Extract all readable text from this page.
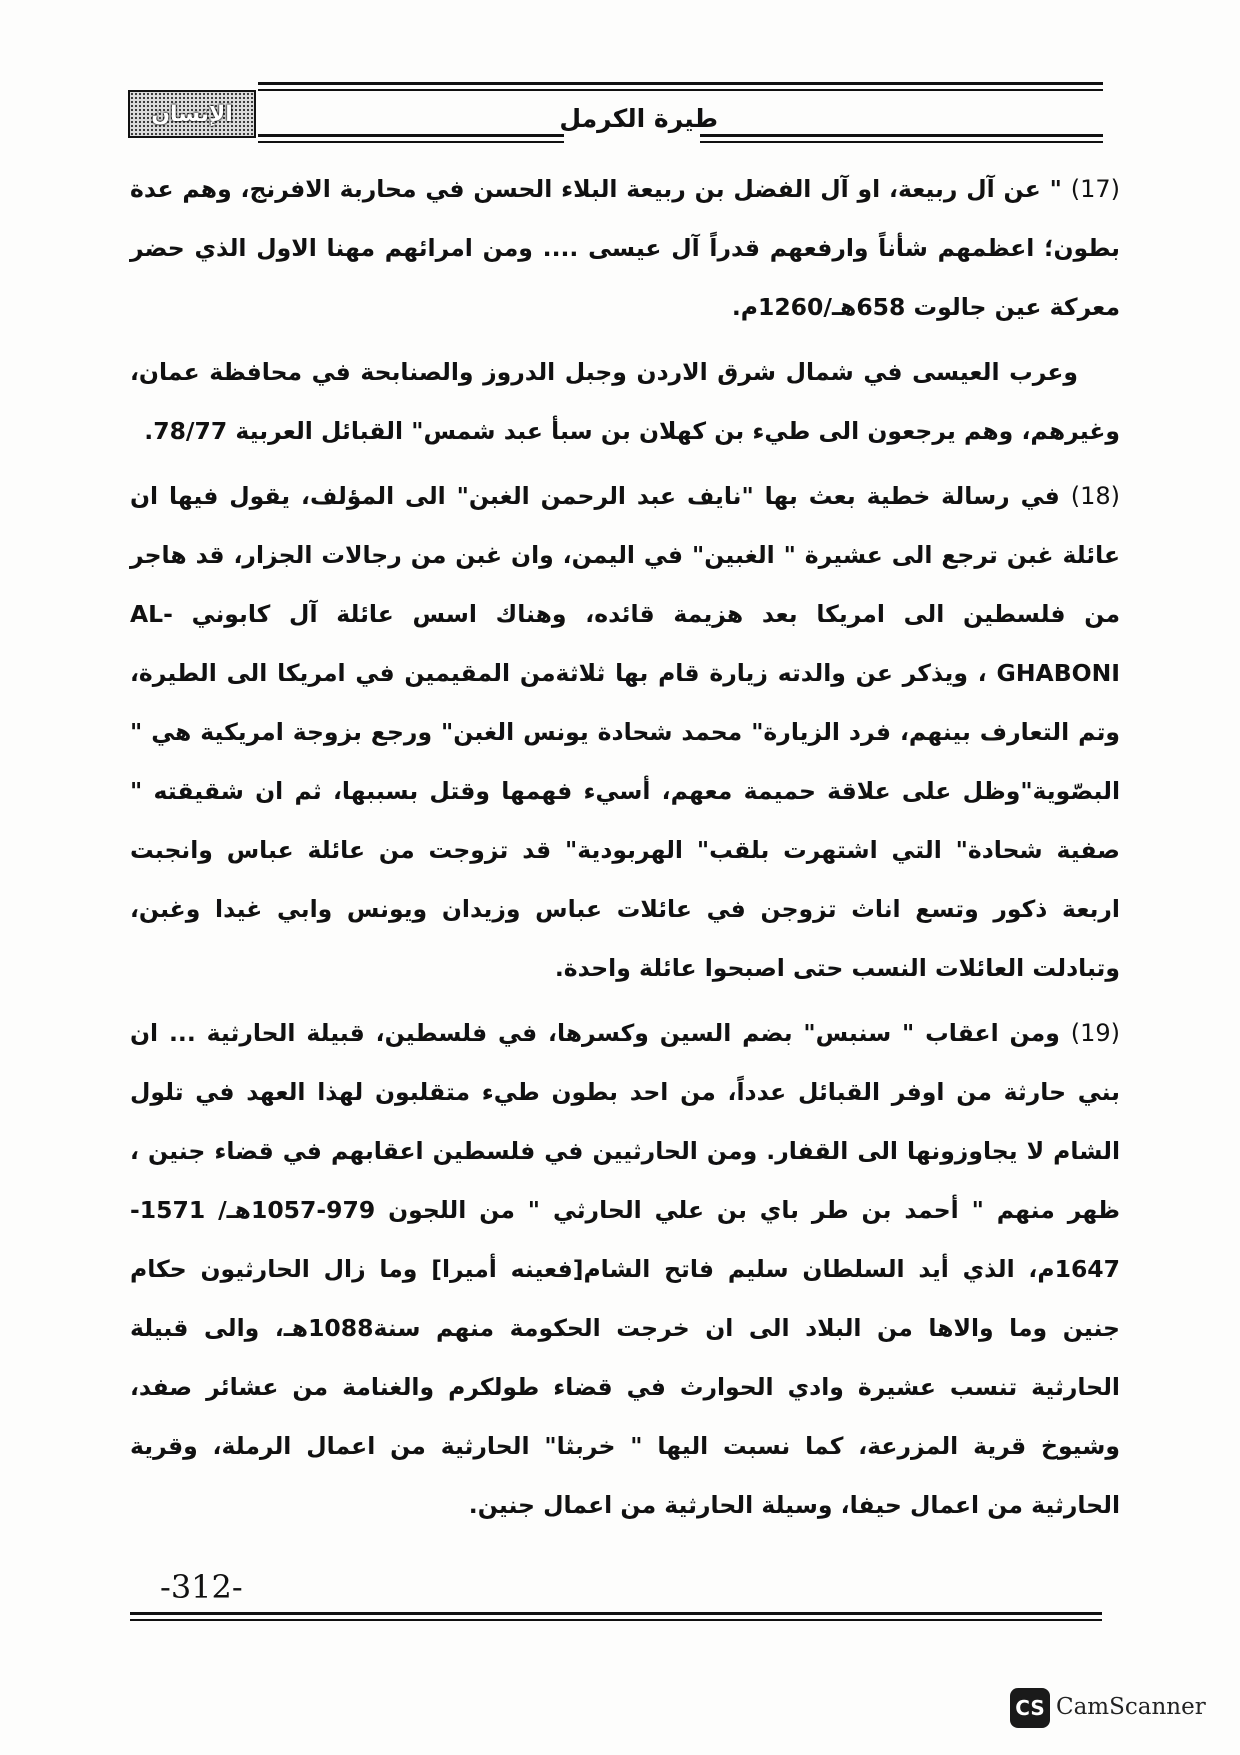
طيرة الكرمل
الإنسان

(17) " عن آل ربيعة، او آل الفضل بن ربيعة البلاء الحسن في محاربة الافرنج، وهم عدة بطون؛ اعظمهم شأناً وارفعهم قدراً آل عيسى .... ومن امرائهم مهنا الاول الذي حضر معركة عين جالوت 658هـ/1260م.

وعرب العيسى في شمال شرق الاردن وجبل الدروز والصنابحة في محافظة عمان، وغيرهم، وهم يرجعون الى طيء بن كهلان بن سبأ عبد شمس" القبائل العربية 78/77.

(18) في رسالة خطية بعث بها "نايف عبد الرحمن الغبن" الى المؤلف، يقول فيها ان عائلة غبن ترجع الى عشيرة " الغبين" في اليمن، وان غبن من رجالات الجزار، قد هاجر من فلسطين الى امريكا بعد هزيمة قائده، وهناك اسس عائلة آل كابوني AL- GHABONI ، ويذكر عن والدته زيارة قام بها ثلاثةمن المقيمين في امريكا الى الطيرة، وتم التعارف بينهم، فرد الزيارة" محمد شحادة يونس الغبن" ورجع بزوجة امريكية هي " البصّوية"وظل على علاقة حميمة معهم، أسيء فهمها وقتل بسببها، ثم ان شقيقته " صفية شحادة" التي اشتهرت بلقب" الهربودية" قد تزوجت من عائلة عباس وانجبت اربعة ذكور وتسع اناث تزوجن في عائلات عباس وزيدان ويونس وابي غيدا وغبن، وتبادلت العائلات النسب حتى اصبحوا عائلة واحدة.

(19) ومن اعقاب " سنبس" بضم السين وكسرها، في فلسطين، قبيلة الحارثية ... ان بني حارثة من اوفر القبائل عدداً، من احد بطون طيء متقلبون لهذا العهد في تلول الشام لا يجاوزونها الى القفار. ومن الحارثيين في فلسطين اعقابهم في قضاء جنين ، ظهر منهم " أحمد بن طر باي بن علي الحارثي " من اللجون 979-1057هـ/ 1571-1647م، الذي أيد السلطان سليم فاتح الشام[فعينه أميرا] وما زال الحارثيون حكام جنين وما والاها من البلاد الى ان خرجت الحكومة منهم سنة1088هـ، والى قبيلة الحارثية تنسب عشيرة وادي الحوارث في قضاء طولكرم والغنامة من عشائر صفد، وشيوخ قرية المزرعة، كما نسبت اليها " خربثا" الحارثية من اعمال الرملة، وقرية الحارثية من اعمال حيفا، وسيلة الحارثية من اعمال جنين.

-312-
CS CamScanner
